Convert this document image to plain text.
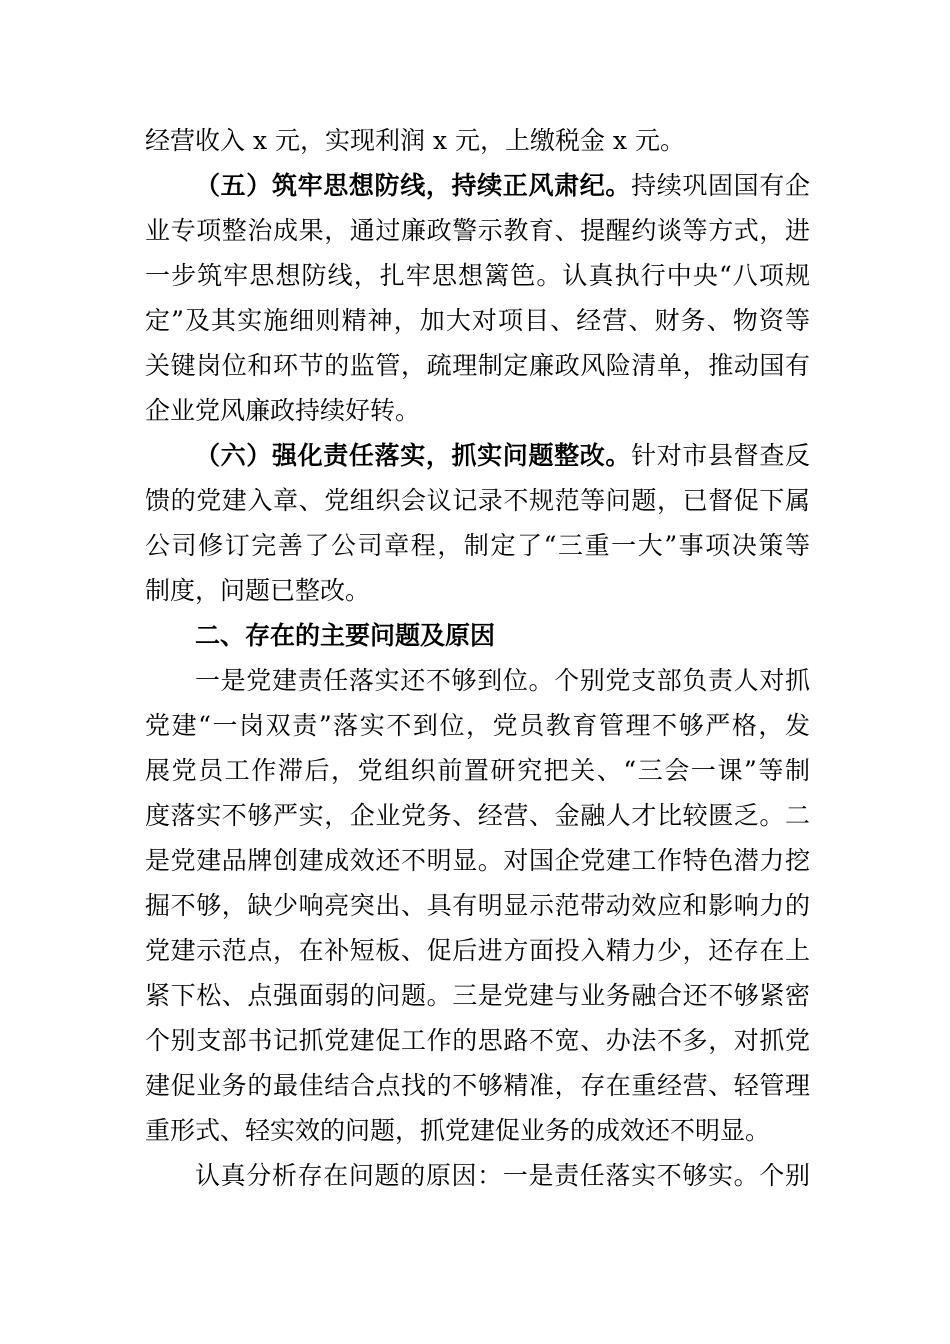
经营收入 x 元，实现利润 x 元，上缴税金 x 元。
（五）筑牢思想防线，持续正风肃纪。持续巩固国有企
业专项整治成果，通过廉政警示教育、提醒约谈等方式，进
一步筑牢思想防线，扎牢思想篱笆。认真执行中央“八项规
定”及其实施细则精神，加大对项目、经营、财务、物资等
关键岗位和环节的监管，疏理制定廉政风险清单，推动国有
企业党风廉政持续好转。
（六）强化责任落实，抓实问题整改。针对市县督查反
馈的党建入章、党组织会议记录不规范等问题，已督促下属
公司修订完善了公司章程，制定了“三重一大”事项决策等
制度，问题已整改。
二、存在的主要问题及原因
一是党建责任落实还不够到位。个别党支部负责人对抓
党建“一岗双责”落实不到位，党员教育管理不够严格，发
展党员工作滞后，党组织前置研究把关、“三会一课”等制
度落实不够严实，企业党务、经营、金融人才比较匮乏。二
是党建品牌创建成效还不明显。对国企党建工作特色潜力挖
掘不够，缺少响亮突出、具有明显示范带动效应和影响力的
党建示范点，在补短板、促后进方面投入精力少，还存在上
紧下松、点强面弱的问题。三是党建与业务融合还不够紧密
个别支部书记抓党建促工作的思路不宽、办法不多，对抓党
建促业务的最佳结合点找的不够精准，存在重经营、轻管理
重形式、轻实效的问题，抓党建促业务的成效还不明显。
认真分析存在问题的原因：一是责任落实不够实。个别
